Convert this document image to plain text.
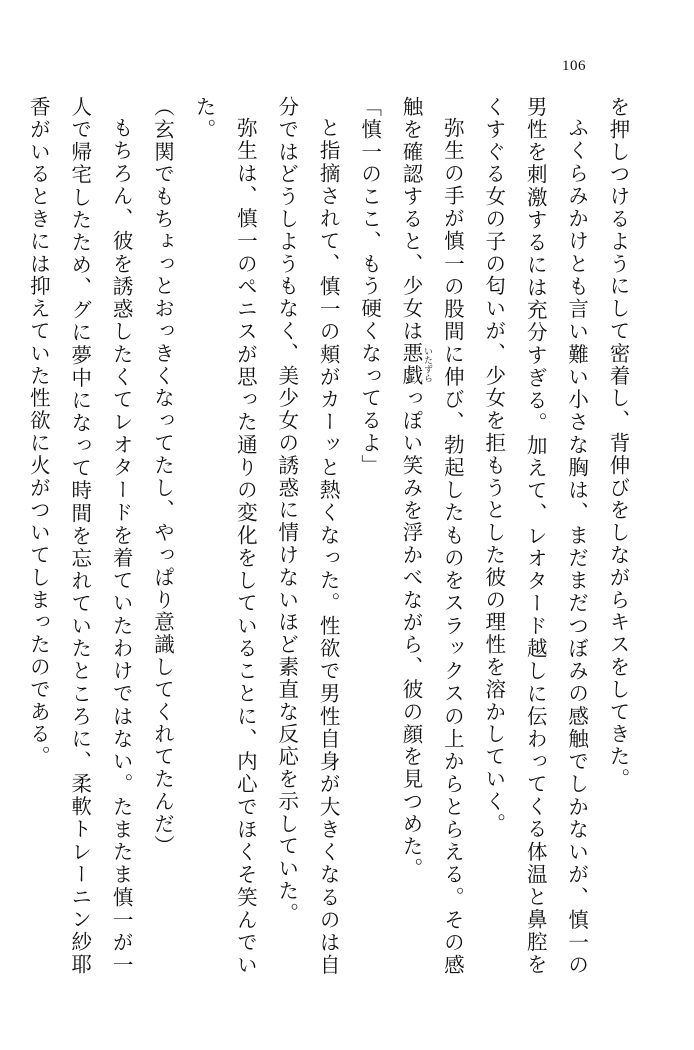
106

を押しつけるようにして密着し、背伸びをしながらキスをしてきた。

ふくらみかけとも言い難い小さな胸は、まだまだつぼみの感触でしかないが、慎一の男性を刺激するには充分すぎる。加えて、レオタード越しに伝わってくる体温と鼻腔をくすぐる女の子の匂いが、少女を拒もうとした彼の理性を溶かしていく。

弥生の手が慎一の股間に伸び、勃起したものをスラックスの上からとらえる。その感触を確認すると、少女は悪戯 いたずらっぽい笑みを浮かべながら、彼の顔を見つめた。

「慎一のここ、もう硬くなってるよ」

と指摘されて、慎一の頬がカーッと熱くなった。性欲で男性自身が大きくなるのは自分ではどうしようもなく、美少女の誘惑に情けないほど素直な反応を示していた。

弥生は、慎一のペニスが思った通りの変化をしていることに、内心でほくそ笑んでいた。

（玄関でもちょっとおっきくなってたし、やっぱり意識してくれてたんだ）

もちろん、彼を誘惑したくてレオタードを着ていたわけではない。たまたま慎一が一人で帰宅したため、グに夢中になって時間を忘れていたところに、柔軟トレーニン紗耶香がいるときには抑えていた性欲に火がついてしまったのである。
